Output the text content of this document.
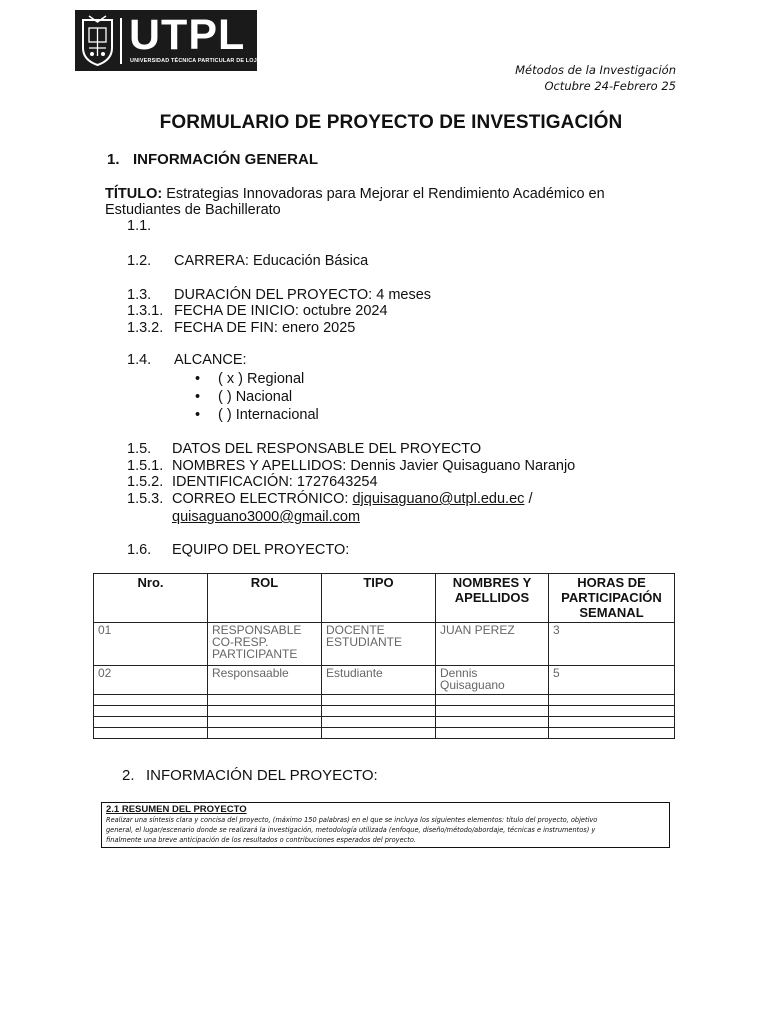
UTPL
UNIVERSIDAD TÉCNICA PARTICULAR DE LOJA
Métodos de la Investigación
Octubre 24-Febrero 25
FORMULARIO DE PROYECTO DE INVESTIGACIÓN
1. INFORMACIÓN GENERAL
TÍTULO: Estrategias Innovadoras para Mejorar el Rendimiento Académico en
Estudiantes de Bachillerato
1.1.
1.2. CARRERA: Educación Básica
1.3. DURACIÓN DEL PROYECTO: 4 meses
1.3.1. FECHA DE INICIO: octubre 2024
1.3.2. FECHA DE FIN: enero 2025
1.4. ALCANCE:
• ( x ) Regional
• ( ) Nacional
• ( ) Internacional
1.5. DATOS DEL RESPONSABLE DEL PROYECTO
1.5.1. NOMBRES Y APELLIDOS: Dennis Javier Quisaguano Naranjo
1.5.2. IDENTIFICACIÓN: 1727643254
1.5.3. CORREO ELECTRÓNICO: djquisaguano@utpl.edu.ec /
quisaguano3000@gmail.com
1.6. EQUIPO DEL PROYECTO:
Nro.	ROL	TIPO	NOMBRES Y APELLIDOS	HORAS DE PARTICIPACIÓN SEMANAL
01	RESPONSABLE CO-RESP. PARTICIPANTE	DOCENTE ESTUDIANTE	JUAN PEREZ	3
02	Responsaable	Estudiante	Dennis Quisaguano	5

2. INFORMACIÓN DEL PROYECTO:
2.1 RESUMEN DEL PROYECTO
Realizar una síntesis clara y concisa del proyecto, (máximo 150 palabras) en el que se incluya los siguientes elementos: título del proyecto, objetivo
general, el lugar/escenario donde se realizará la investigación, metodología utilizada (enfoque, diseño/método/abordaje, técnicas e instrumentos) y
finalmente una breve anticipación de los resultados o contribuciones esperados del proyecto.
